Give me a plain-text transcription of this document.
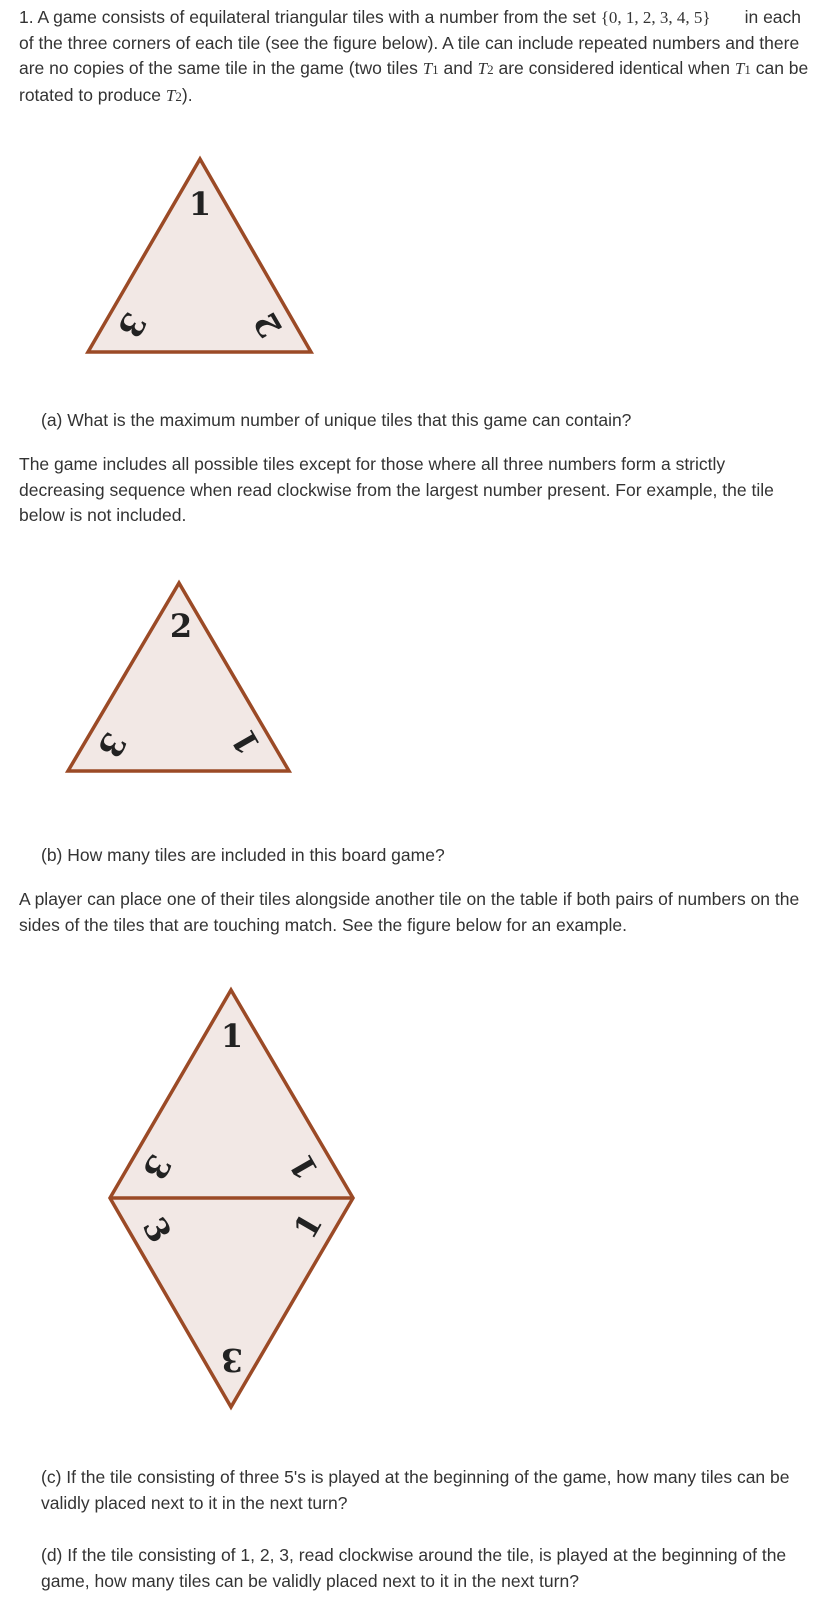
1. A game consists of equilateral triangular tiles with a number from the set {0, 1, 2, 3, 4, 5} in each of the three corners of each tile (see the figure below). A tile can include repeated numbers and there are no copies of the same tile in the game (two tiles T1 and T2 are considered identical when T1 can be rotated to produce T2).

1
3	2
2
3	1
1
3	1
3	1
3

(a) What is the maximum number of unique tiles that this game can contain?

The game includes all possible tiles except for those where all three numbers form a strictly decreasing sequence when read clockwise from the largest number present. For example, the tile below is not included.

(b) How many tiles are included in this board game?

A player can place one of their tiles alongside another tile on the table if both pairs of numbers on the sides of the tiles that are touching match. See the figure below for an example.

(c) If the tile consisting of three 5's is played at the beginning of the game, how many tiles can be validly placed next to it in the next turn?

(d) If the tile consisting of 1, 2, 3, read clockwise around the tile, is played at the beginning of the game, how many tiles can be validly placed next to it in the next turn?
